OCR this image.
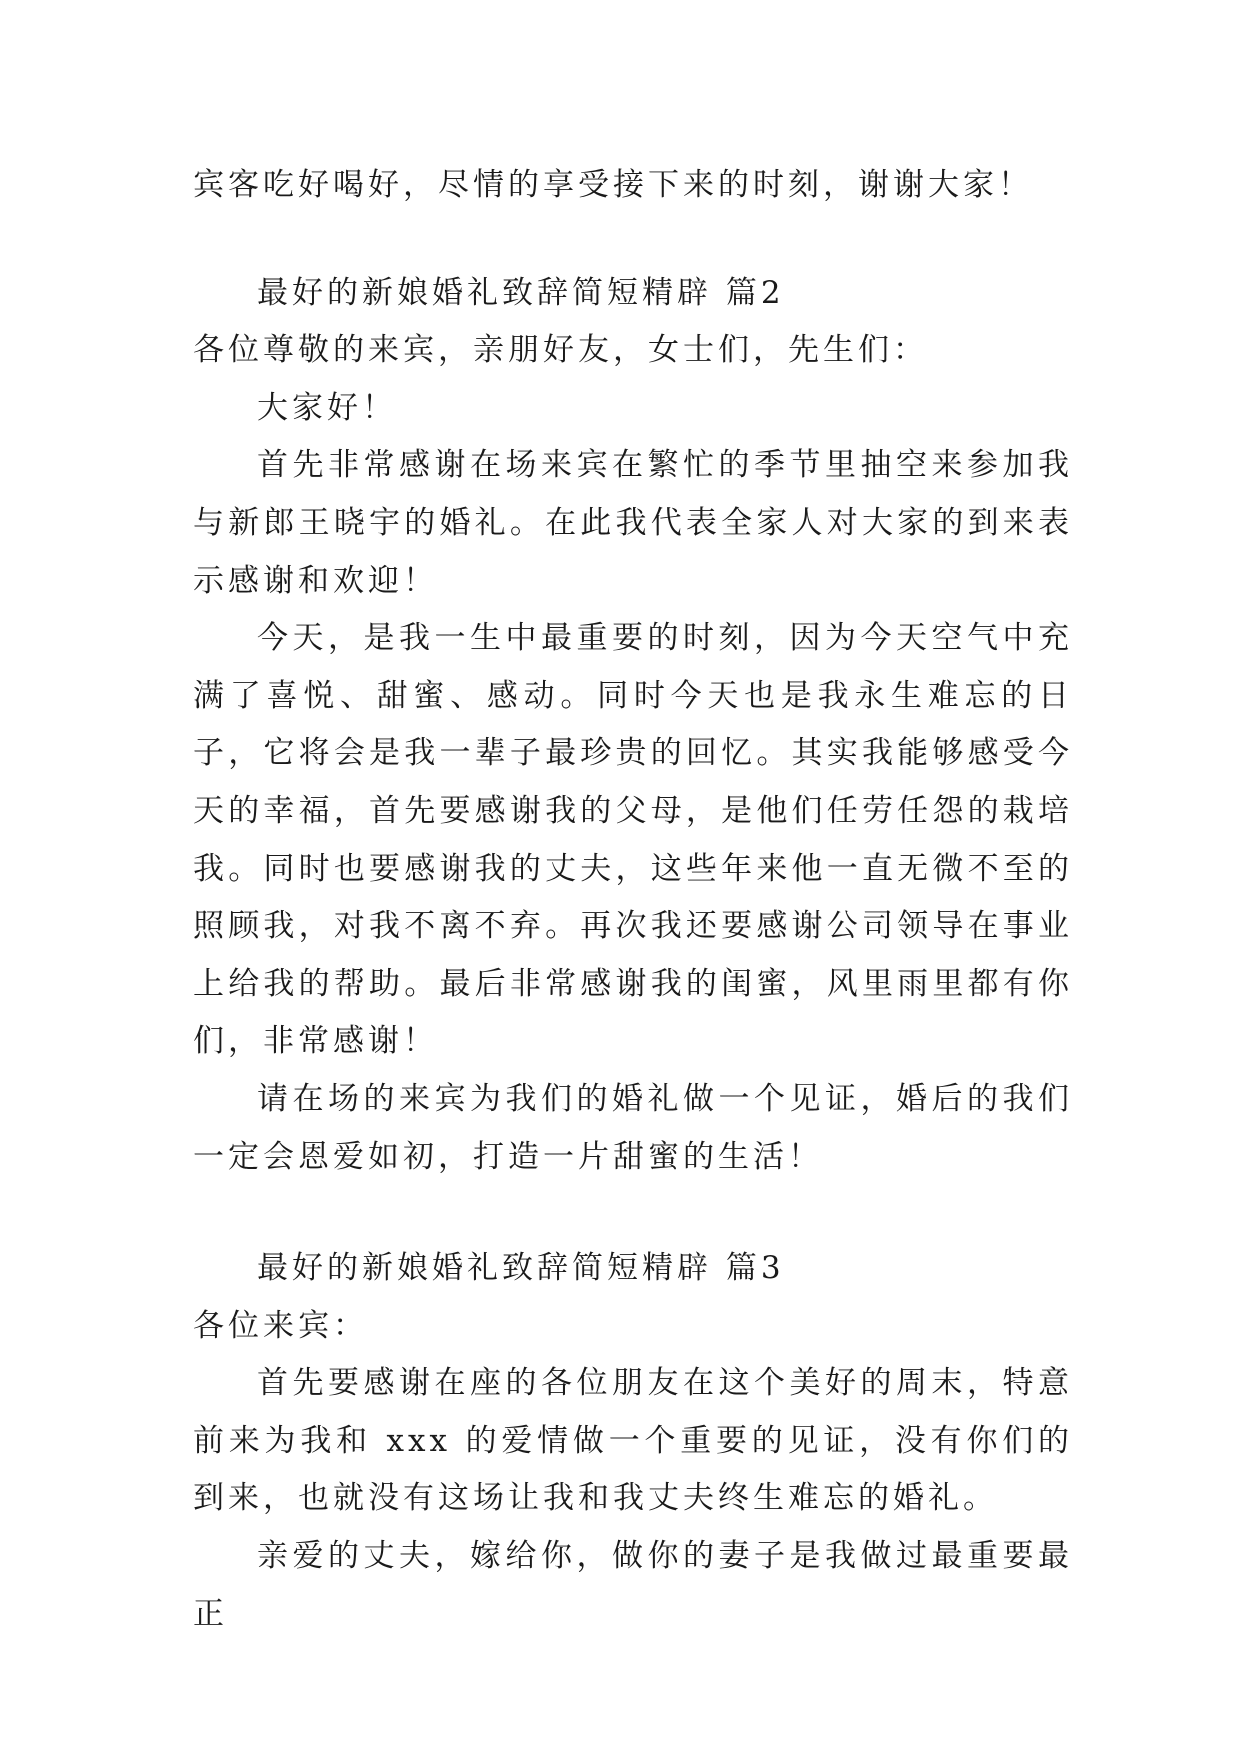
宾客吃好喝好，尽情的享受接下来的时刻，谢谢大家！

最好的新娘婚礼致辞简短精辟 篇2

各位尊敬的来宾，亲朋好友，女士们，先生们：

大家好！

首先非常感谢在场来宾在繁忙的季节里抽空来参加我与新郎王晓宇的婚礼。在此我代表全家人对大家的到来表示感谢和欢迎！

今天，是我一生中最重要的时刻，因为今天空气中充满了喜悦、甜蜜、感动。同时今天也是我永生难忘的日子，它将会是我一辈子最珍贵的回忆。其实我能够感受今天的幸福，首先要感谢我的父母，是他们任劳任怨的栽培我。同时也要感谢我的丈夫，这些年来他一直无微不至的照顾我，对我不离不弃。再次我还要感谢公司领导在事业上给我的帮助。最后非常感谢我的闺蜜，风里雨里都有你们，非常感谢！

请在场的来宾为我们的婚礼做一个见证，婚后的我们一定会恩爱如初，打造一片甜蜜的生活！

最好的新娘婚礼致辞简短精辟 篇3

各位来宾：

首先要感谢在座的各位朋友在这个美好的周末，特意前来为我和 xxx 的爱情做一个重要的见证，没有你们的到来，也就没有这场让我和我丈夫终生难忘的婚礼。

亲爱的丈夫，嫁给你，做你的妻子是我做过最重要最正
